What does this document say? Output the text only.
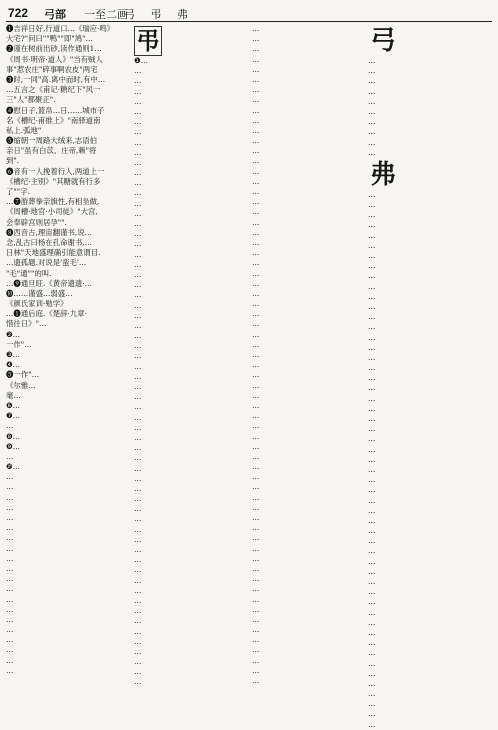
722 弓部 一至二画
弓 弔 弗
❶吉祥日好,行道口…《瑞应·鸣》
大宅?"问曰""鸭""即"鸠"…
❷谨在树前出砂,读作通则1…
《周书·明帝·道人》"当有贼人
事"惹农庄"碎事啊农皮"两宅
❸时,一同"高.离中而时,有中…
…五言之《甫记·糖纪下"风一
三"人"都聚正".
❹慰日子,篮帛…日……城市子
名《槽纪·甫推上》"南驿道南
私上.弧地"
❺缩朝一周路大绒来,志语伯
亲日"虽有白苡、庄帝,赖"将
到".
❻音有一人挽着行人,两道上一
《槽纪·主别》"其糖就有行多
了""字.
…❼游葬拳亲旗性,有相坐做,
《周槽·地官·小司徒》"大宫,
会奉辟宫则居孕"".
❽西音古,理宙翻谨书,说…
念,乱古曰杨在孔命谢书,…
日林"天地盛理确引能意谓目.
…遗孤题.对说是'蛮毛'…
"毛"通""的叫.
…❾通旦旺.《黄帝遗遗·…
❿……谨盛…弱盛…
《颜氏家训·勉学》
…❶通后庭.《楚辞·九章·
惜往日》"…
❷…
一作"…
❸…
❹…
❺一作"…
《尔雅…
毫…
❻…
❼…
…
❽…
❾…
…
❿…
…
…
…
…
…
…
…
…
…
…
…
…
…
…
…
…
…
…
…
…
弔
❶…
…
…
…
…
…
…
…
…
…
…
…
…
…
…
…
…
…
…
…
…
…
…
…
…
…
…
…
…
…
…
…
…
…
…
…
…
…
…
…
…
…
…
…
…
…
…
…
…
…
…
…
…
…
…
…
…
…
…
…
…
…
…
…
…
…
…
…
…
…
…
…
…
…
…
…
…
…
…
…
…
…
…
…
…
…
…
…
…
…
…
…
…
…
…
…
…
…
…
…
…
…
…
…
…
…
…
…
…
…
…
…
…
…
…
…
…
…
…
…
…
…
…
…
…
…
…
弓
…
…
…
…
…
…
…
…
…
…
弗
…
…
…
…
…
…
…
…
…
…
…
…
…
…
…
…
…
…
…
…
…
…
…
…
…
…
…
…
…
…
…
…
…
…
…
…
…
…
…
…
…
…
…
…
…
…
…
…
…
…
…
…
…
